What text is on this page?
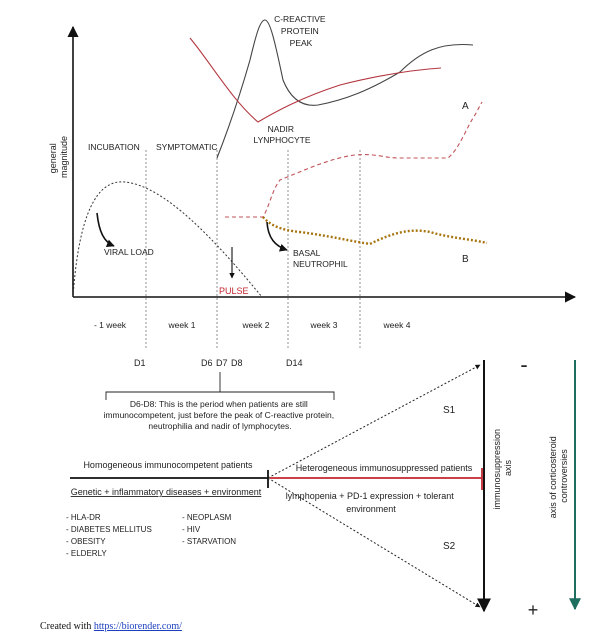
general magnitude INCUBATION SYMPTOMATIC
VIRAL LOAD
C-REACTIVE PROTEIN PEAK
NADIR LYNPHOCYTE
A
B
BASAL NEUTROPHIL
PULSE
- 1 week	week 1	week 2	week 3	week 4
D1	D6 D7 D8	D14
D6-D8: This is the period when patients are still immunocompetent, just before the peak of C-reactive protein, neutrophilia and nadir of lymphocytes.
Homogeneous immunocompetent patients
Genetic + inflammatory diseases + environment
Heterogeneous immunosuppressed patients
lymphopenia + PD-1 expression + tolerant environment
- HLA-DR - DIABETES MELLITUS - OBESITY - ELDERLY
- NEOPLASM - HIV - STARVATION
S1
S2
immunosuppression axis
-
+
axis of corticosteroid controversies
Created with https://biorender.com/
